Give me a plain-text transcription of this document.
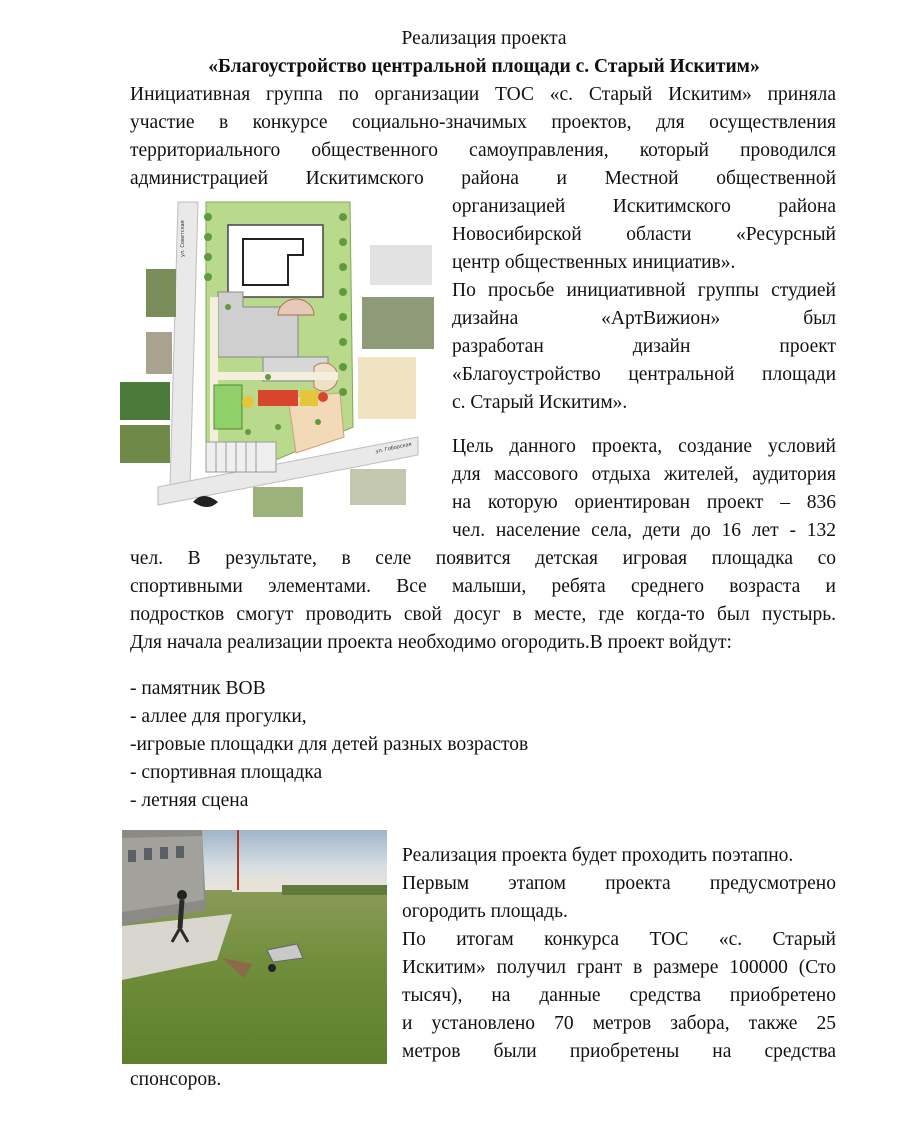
Реализация проекта
«Благоустройство центральной площади с. Старый Искитим»
Инициативная группа по организации ТОС «с. Старый Искитим» приняла
участие в конкурсе социально-значимых проектов, для осуществления
территориального общественного самоуправления, который проводился
администрацией Искитимского района и Местной общественной
ул. Гоборская
ул. Советская
организацией Искитимского района
Новосибирской области «Ресурсный
центр общественных инициатив».
По просьбе инициативной группы студией
дизайна «АртВижион» был
разработан дизайн проект
«Благоустройство центральной площади
с. Старый Искитим».
Цель данного проекта, создание условий
для массового отдыха жителей, аудитория
на которую ориентирован проект – 836
чел. население села, дети до 16 лет - 132
чел. В результате, в селе появится детская игровая площадка со
спортивными элементами. Все малыши, ребята среднего возраста и
подростков смогут проводить свой досуг в месте, где когда-то был пустырь.
Для начала реализации проекта необходимо огородить.В проект войдут:
- памятник ВОВ
- аллее для прогулки,
-игровые площадки для детей разных возрастов
- спортивная площадка
- летняя сцена
Реализация проекта будет проходить поэтапно.
Первым этапом проекта предусмотрено
огородить площадь.
По итогам конкурса ТОС «с. Старый
Искитим» получил грант в размере 100000 (Сто
тысяч), на данные средства приобретено
и установлено 70 метров забора, также 25
метров были приобретены на средства
спонсоров.
